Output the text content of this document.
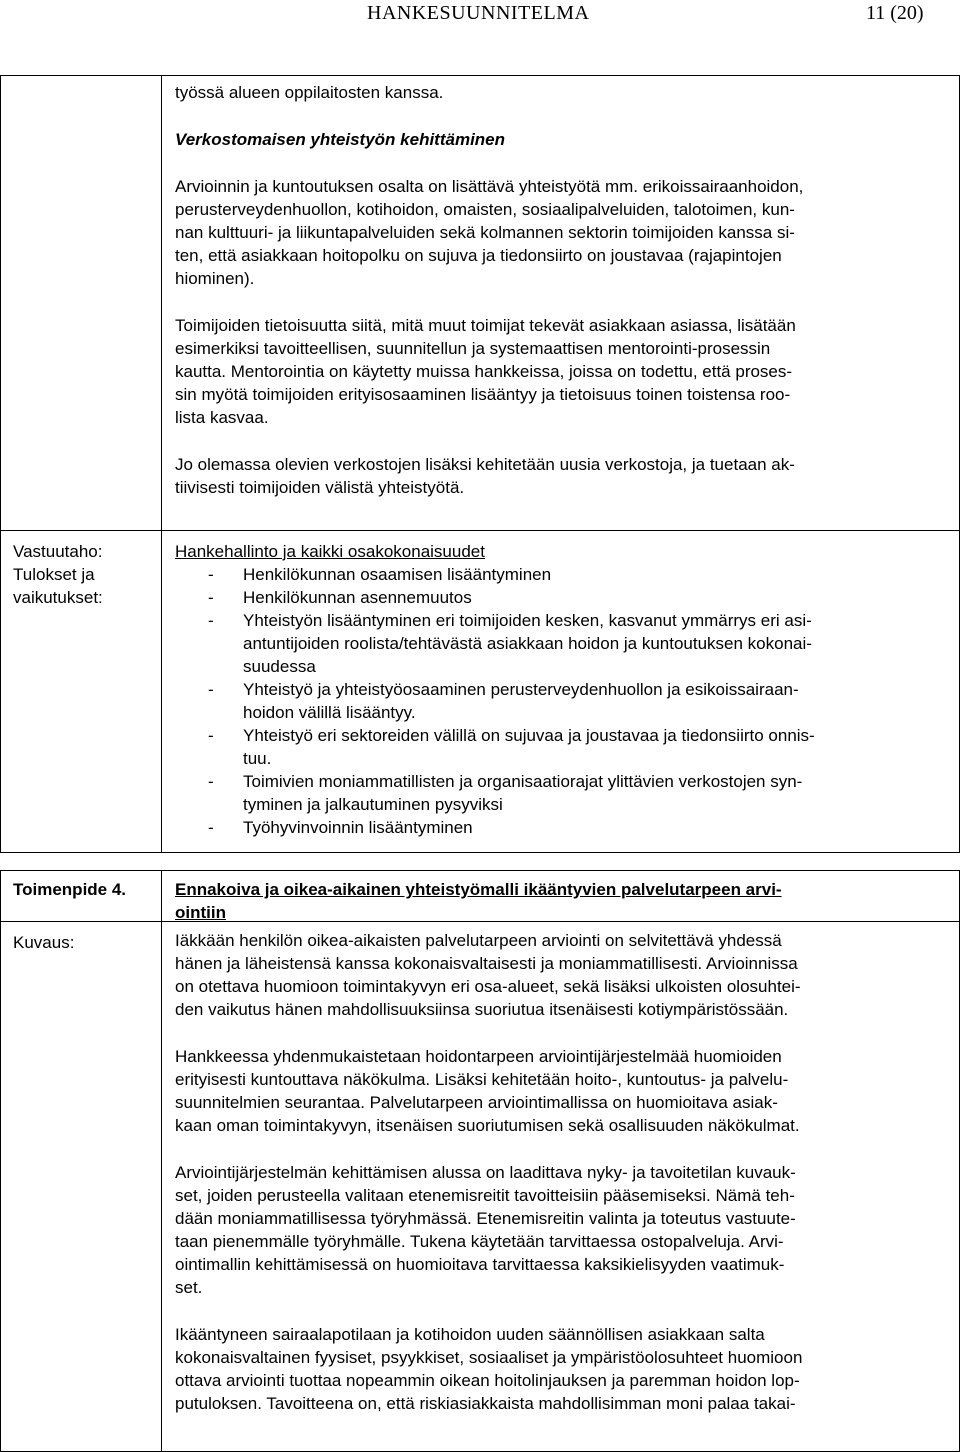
HANKESUUNNITELMA	11 (20)
työssä alueen oppilaitosten kanssa.
Verkostomaisen yhteistyön kehittäminen

Arvioinnin ja kuntoutuksen osalta on lisättävä yhteistyötä mm. erikoissairaanhoidon,
perusterveydenhuollon, kotihoidon, omaisten, sosiaalipalveluiden, talotoimen, kun-
nan kulttuuri- ja liikuntapalveluiden sekä kolmannen sektorin toimijoiden kanssa si-
ten, että asiakkaan hoitopolku on sujuva ja tiedonsiirto on joustavaa (rajapintojen
hiominen).

Toimijoiden tietoisuutta siitä, mitä muut toimijat tekevät asiakkaan asiassa, lisätään
esimerkiksi tavoitteellisen, suunnitellun ja systemaattisen mentorointi-prosessin
kautta. Mentorointia on käytetty muissa hankkeissa, joissa on todettu, että proses-
sin myötä toimijoiden erityisosaaminen lisääntyy ja tietoisuus toinen toistensa roo-
lista kasvaa.

Jo olemassa olevien verkostojen lisäksi kehitetään uusia verkostoja, ja tuetaan ak-
tiivisesti toimijoiden välistä yhteistyötä.

Vastuutaho:
Tulokset ja
vaikutukset:
Hankehallinto ja kaikki osakokonaisuudet
- Henkilökunnan osaamisen lisääntyminen
- Henkilökunnan asennemuutos
- Yhteistyön lisääntyminen eri toimijoiden kesken, kasvanut ymmärrys eri asi-
antuntijoiden roolista/tehtävästä asiakkaan hoidon ja kuntoutuksen kokonai-
suudessa
- Yhteistyö ja yhteistyöosaaminen perusterveydenhuollon ja esikoissairaan-
hoidon välillä lisääntyy.
- Yhteistyö eri sektoreiden välillä on sujuvaa ja joustavaa ja tiedonsiirto onnis-
tuu.
- Toimivien moniammatillisten ja organisaatiorajat ylittävien verkostojen syn-
tyminen ja jalkautuminen pysyviksi
- Työhyvinvoinnin lisääntyminen
Toimenpide 4.
Kuvaus:
Ennakoiva ja oikea-aikainen yhteistyömalli ikääntyvien palvelutarpeen arvi-
ointiin

Iäkkään henkilön oikea-aikaisten palvelutarpeen arviointi on selvitettävä yhdessä
hänen ja läheistensä kanssa kokonaisvaltaisesti ja moniammatillisesti. Arvioinnissa
on otettava huomioon toimintakyvyn eri osa-alueet, sekä lisäksi ulkoisten olosuhtei-
den vaikutus hänen mahdollisuuksiinsa suoriutua itsenäisesti kotiympäristössään.

Hankkeessa yhdenmukaistetaan hoidontarpeen arviointijärjestelmää huomioiden
erityisesti kuntouttava näkökulma. Lisäksi kehitetään hoito-, kuntoutus- ja palvelu-
suunnitelmien seurantaa. Palvelutarpeen arviointimallissa on huomioitava asiak-
kaan oman toimintakyvyn, itsenäisen suoriutumisen sekä osallisuuden näkökulmat.

Arviointijärjestelmän kehittämisen alussa on laadittava nyky- ja tavoitetilan kuvauk-
set, joiden perusteella valitaan etenemisreitit tavoitteisiin pääsemiseksi. Nämä teh-
dään moniammatillisessa työryhmässä. Etenemisreitin valinta ja toteutus vastuute-
taan pienemmälle työryhmälle. Tukena käytetään tarvittaessa ostopalveluja. Arvi-
ointimallin kehittämisessä on huomioitava tarvittaessa kaksikielisyyden vaatimuk-
set.

Ikääntyneen sairaalapotilaan ja kotihoidon uuden säännöllisen asiakkaan salta
kokonaisvaltainen fyysiset, psyykkiset, sosiaaliset ja ympäristöolosuhteet huomioon
ottava arviointi tuottaa nopeammin oikean hoitolinjauksen ja paremman hoidon lop-
putuloksen. Tavoitteena on, että riskiasiakkaista mahdollisimman moni palaa takai-
